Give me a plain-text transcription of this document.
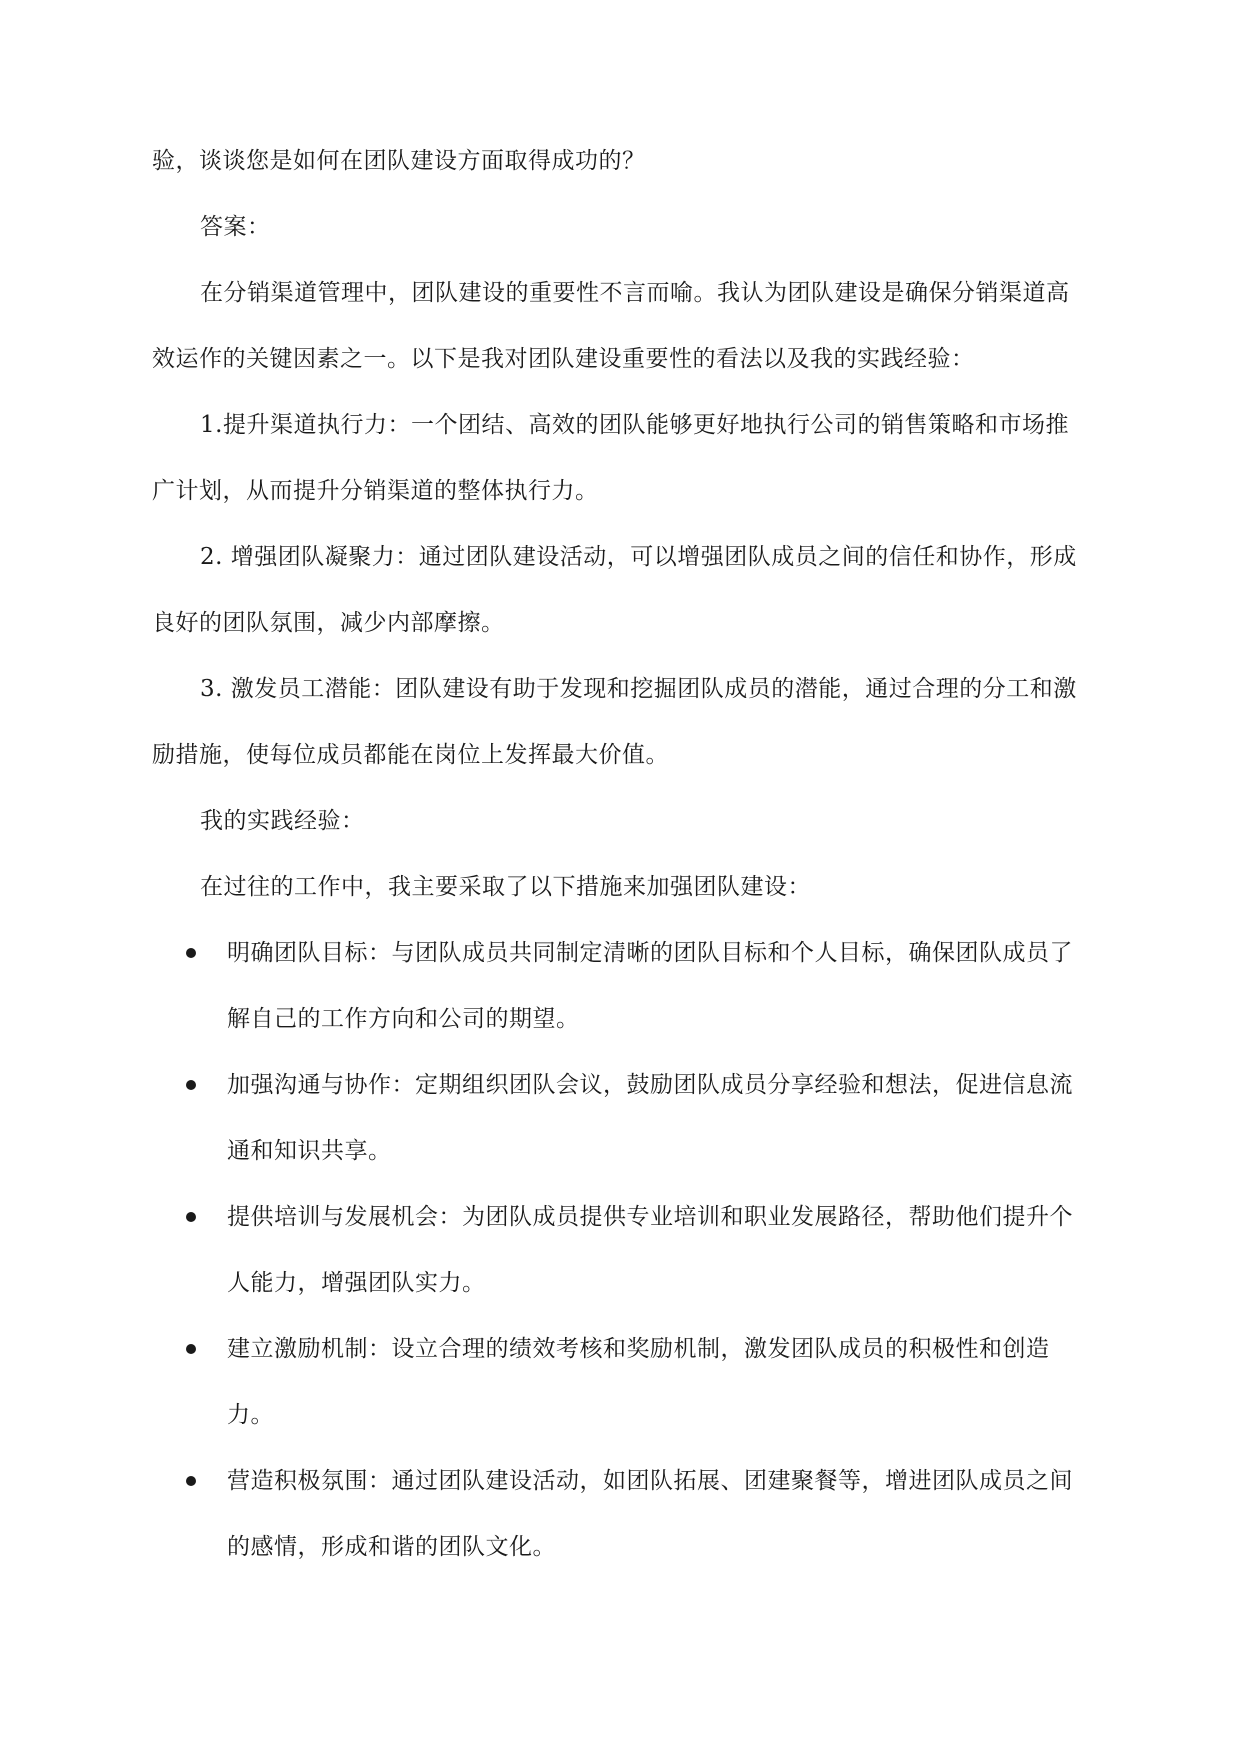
验，谈谈您是如何在团队建设方面取得成功的？

答案：

在分销渠道管理中，团队建设的重要性不言而喻。我认为团队建设是确保分销渠道高效运作的关键因素之一。以下是我对团队建设重要性的看法以及我的实践经验：

1.提升渠道执行力：一个团结、高效的团队能够更好地执行公司的销售策略和市场推广计划，从而提升分销渠道的整体执行力。

2. 增强团队凝聚力：通过团队建设活动，可以增强团队成员之间的信任和协作，形成良好的团队氛围，减少内部摩擦。

3. 激发员工潜能：团队建设有助于发现和挖掘团队成员的潜能，通过合理的分工和激励措施，使每位成员都能在岗位上发挥最大价值。

我的实践经验：

在过往的工作中，我主要采取了以下措施来加强团队建设：

明确团队目标：与团队成员共同制定清晰的团队目标和个人目标，确保团队成员了解自己的工作方向和公司的期望。
加强沟通与协作：定期组织团队会议，鼓励团队成员分享经验和想法，促进信息流通和知识共享。
提供培训与发展机会：为团队成员提供专业培训和职业发展路径，帮助他们提升个人能力，增强团队实力。
建立激励机制：设立合理的绩效考核和奖励机制，激发团队成员的积极性和创造力。
营造积极氛围：通过团队建设活动，如团队拓展、团建聚餐等，增进团队成员之间的感情，形成和谐的团队文化。
